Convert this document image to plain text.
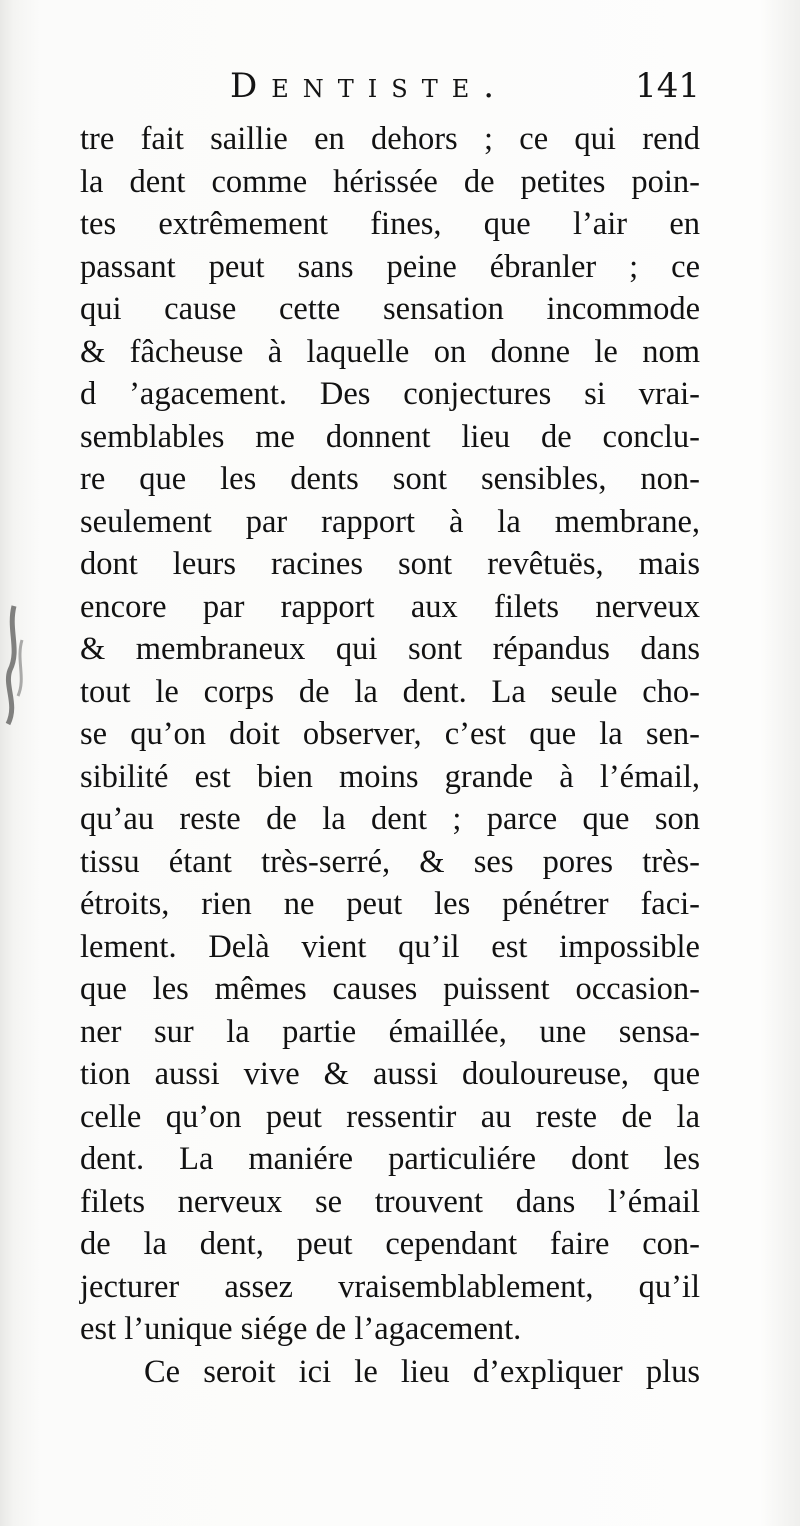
Dentiste.	141
tre fait saillie en dehors ; ce qui rend
la dent comme hérissée de petites poin-
tes extrêmement fines, que l’air en
passant peut sans peine ébranler ; ce
qui cause cette sensation incommode
& fâcheuse à laquelle on donne le nom
d ’agacement. Des conjectures si vrai-
semblables me donnent lieu de conclu-
re que les dents sont sensibles, non-
seulement par rapport à la membrane,
dont leurs racines sont revêtuës, mais
encore par rapport aux filets nerveux
& membraneux qui sont répandus dans
tout le corps de la dent. La seule cho-
se qu’on doit observer, c’est que la sen-
sibilité est bien moins grande à l’émail,
qu’au reste de la dent ; parce que son
tissu étant très-serré, & ses pores très-
étroits, rien ne peut les pénétrer faci-
lement. Delà vient qu’il est impossible
que les mêmes causes puissent occasion-
ner sur la partie émaillée, une sensa-
tion aussi vive & aussi douloureuse, que
celle qu’on peut ressentir au reste de la
dent. La maniére particuliére dont les
filets nerveux se trouvent dans l’émail
de la dent, peut cependant faire con-
jecturer assez vraisemblablement, qu’il
est l’unique siége de l’agacement.
Ce seroit ici le lieu d’expliquer plus
